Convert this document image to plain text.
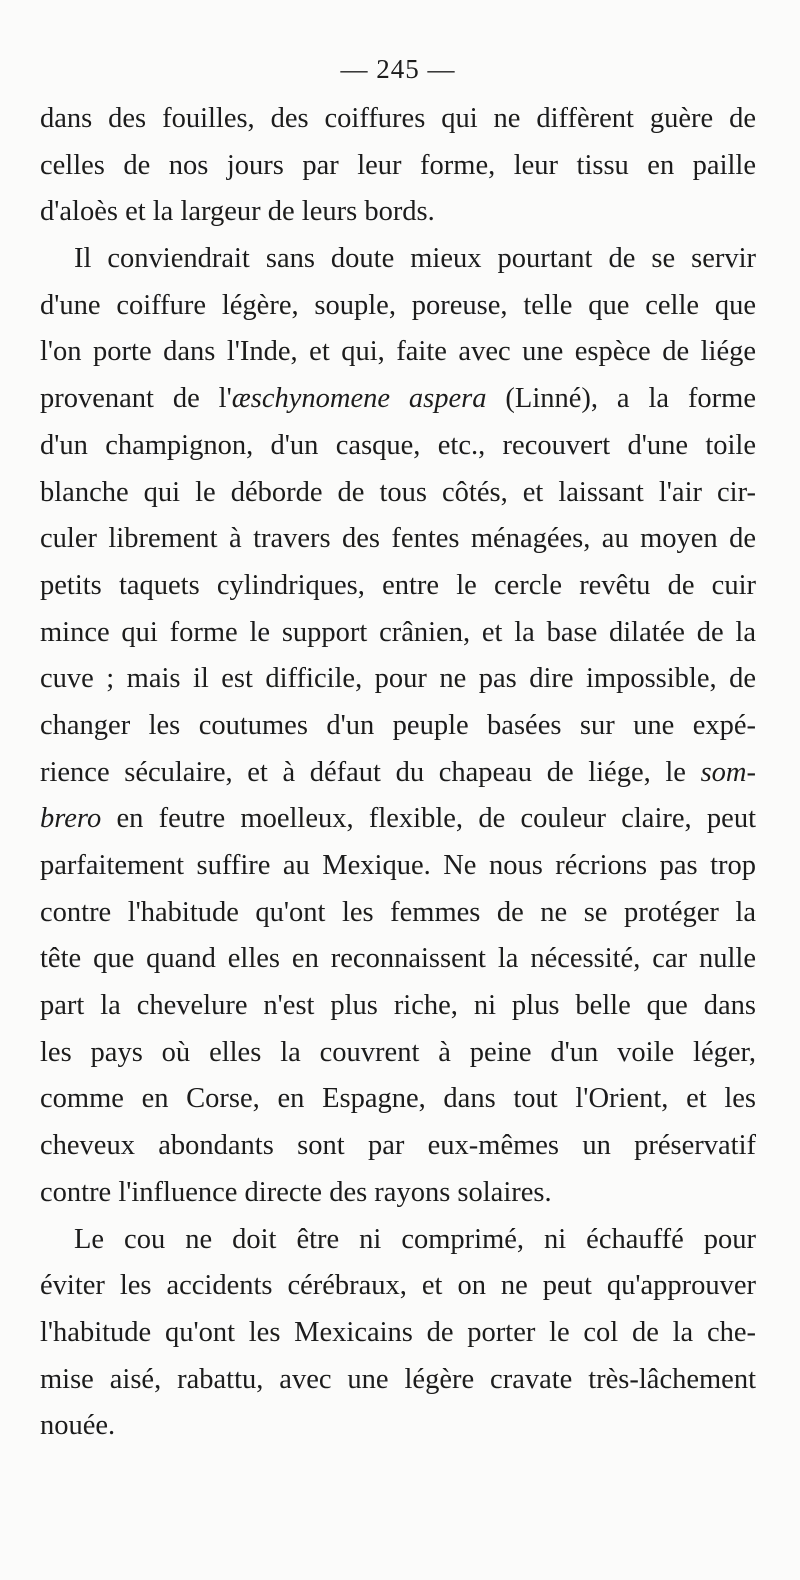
— 245 —

dans des fouilles, des coiffures qui ne diffèrent guère de
celles de nos jours par leur forme, leur tissu en paille
d'aloès et la largeur de leurs bords.

Il conviendrait sans doute mieux pourtant de se servir
d'une coiffure légère, souple, poreuse, telle que celle que
l'on porte dans l'Inde, et qui, faite avec une espèce de liége
provenant de l'æschynomene aspera (Linné), a la forme
d'un champignon, d'un casque, etc., recouvert d'une toile
blanche qui le déborde de tous côtés, et laissant l'air cir-
culer librement à travers des fentes ménagées, au moyen de
petits taquets cylindriques, entre le cercle revêtu de cuir
mince qui forme le support crânien, et la base dilatée de la
cuve ; mais il est difficile, pour ne pas dire impossible, de
changer les coutumes d'un peuple basées sur une expé-
rience séculaire, et à défaut du chapeau de liége, le som-
brero en feutre moelleux, flexible, de couleur claire, peut
parfaitement suffire au Mexique. Ne nous récrions pas trop
contre l'habitude qu'ont les femmes de ne se protéger la
tête que quand elles en reconnaissent la nécessité, car nulle
part la chevelure n'est plus riche, ni plus belle que dans
les pays où elles la couvrent à peine d'un voile léger,
comme en Corse, en Espagne, dans tout l'Orient, et les
cheveux abondants sont par eux-mêmes un préservatif
contre l'influence directe des rayons solaires.

Le cou ne doit être ni comprimé, ni échauffé pour
éviter les accidents cérébraux, et on ne peut qu'approuver
l'habitude qu'ont les Mexicains de porter le col de la che-
mise aisé, rabattu, avec une légère cravate très-lâchement
nouée.
